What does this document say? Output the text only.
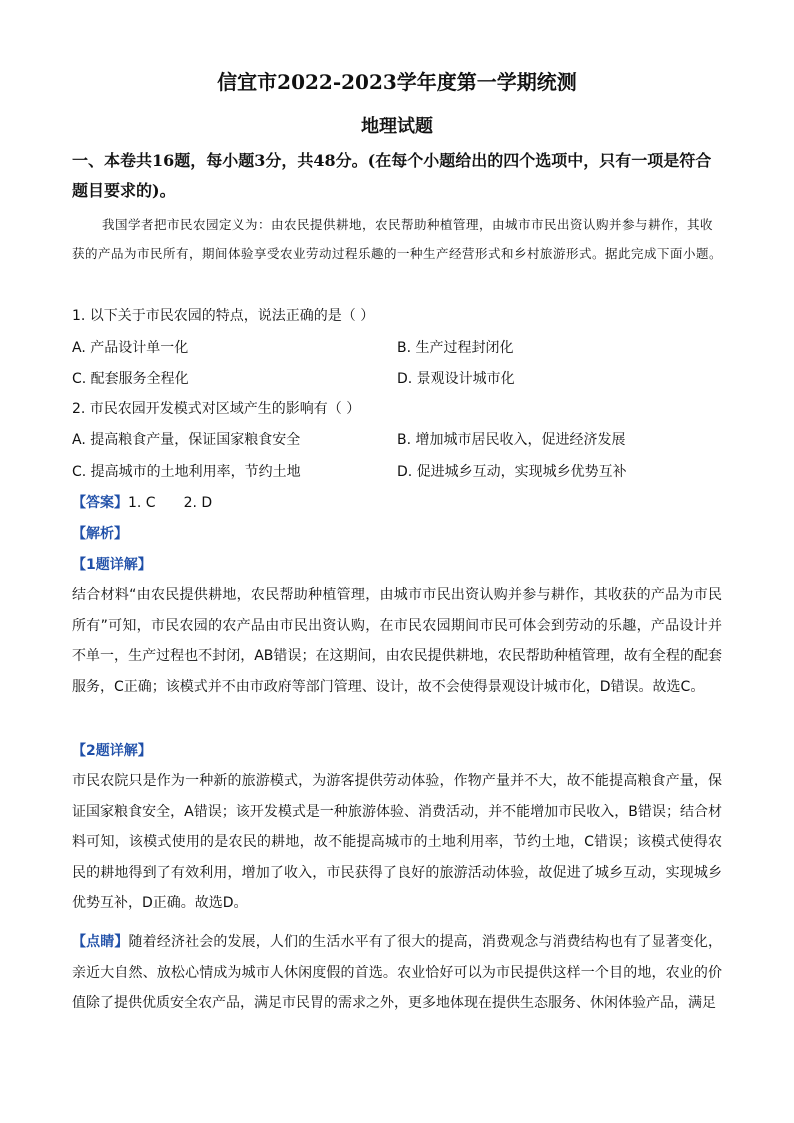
信宜市2022-2023学年度第一学期统测
地理试题
一、本卷共16题，每小题3分，共48分。(在每个小题给出的四个选项中，只有一项是符合题目要求的)。
我国学者把市民农园定义为：由农民提供耕地，农民帮助种植管理，由城市市民出资认购并参与耕作，其收获的产品为市民所有，期间体验享受农业劳动过程乐趣的一种生产经营形式和乡村旅游形式。据此完成下面小题。
1. 以下关于市民农园的特点，说法正确的是（ ）
A. 产品设计单一化	B. 生产过程封闭化
C. 配套服务全程化	D. 景观设计城市化
2. 市民农园开发模式对区域产生的影响有（ ）
A. 提高粮食产量，保证国家粮食安全	B. 增加城市居民收入，促进经济发展
C. 提高城市的土地利用率，节约土地	D. 促进城乡互动，实现城乡优势互补
【答案】1. C 2. D
【解析】
【1题详解】
结合材料“由农民提供耕地，农民帮助种植管理，由城市市民出资认购并参与耕作，其收获的产品为市民所有”可知，市民农园的农产品由市民出资认购，在市民农园期间市民可体会到劳动的乐趣，产品设计并不单一，生产过程也不封闭，AB错误；在这期间，由农民提供耕地，农民帮助种植管理，故有全程的配套服务，C正确；该模式并不由市政府等部门管理、设计，故不会使得景观设计城市化，D错误。故选C。
【2题详解】
市民农院只是作为一种新的旅游模式，为游客提供劳动体验，作物产量并不大，故不能提高粮食产量，保证国家粮食安全，A错误；该开发模式是一种旅游体验、消费活动，并不能增加市民收入，B错误；结合材料可知，该模式使用的是农民的耕地，故不能提高城市的土地利用率，节约土地，C错误；该模式使得农民的耕地得到了有效利用，增加了收入，市民获得了良好的旅游活动体验，故促进了城乡互动，实现城乡优势互补，D正确。故选D。
【点睛】随着经济社会的发展，人们的生活水平有了很大的提高，消费观念与消费结构也有了显著变化，亲近大自然、放松心情成为城市人休闲度假的首选。农业恰好可以为市民提供这样一个目的地，农业的价值除了提供优质安全农产品，满足市民胃的需求之外，更多地体现在提供生态服务、休闲体验产品，满足
